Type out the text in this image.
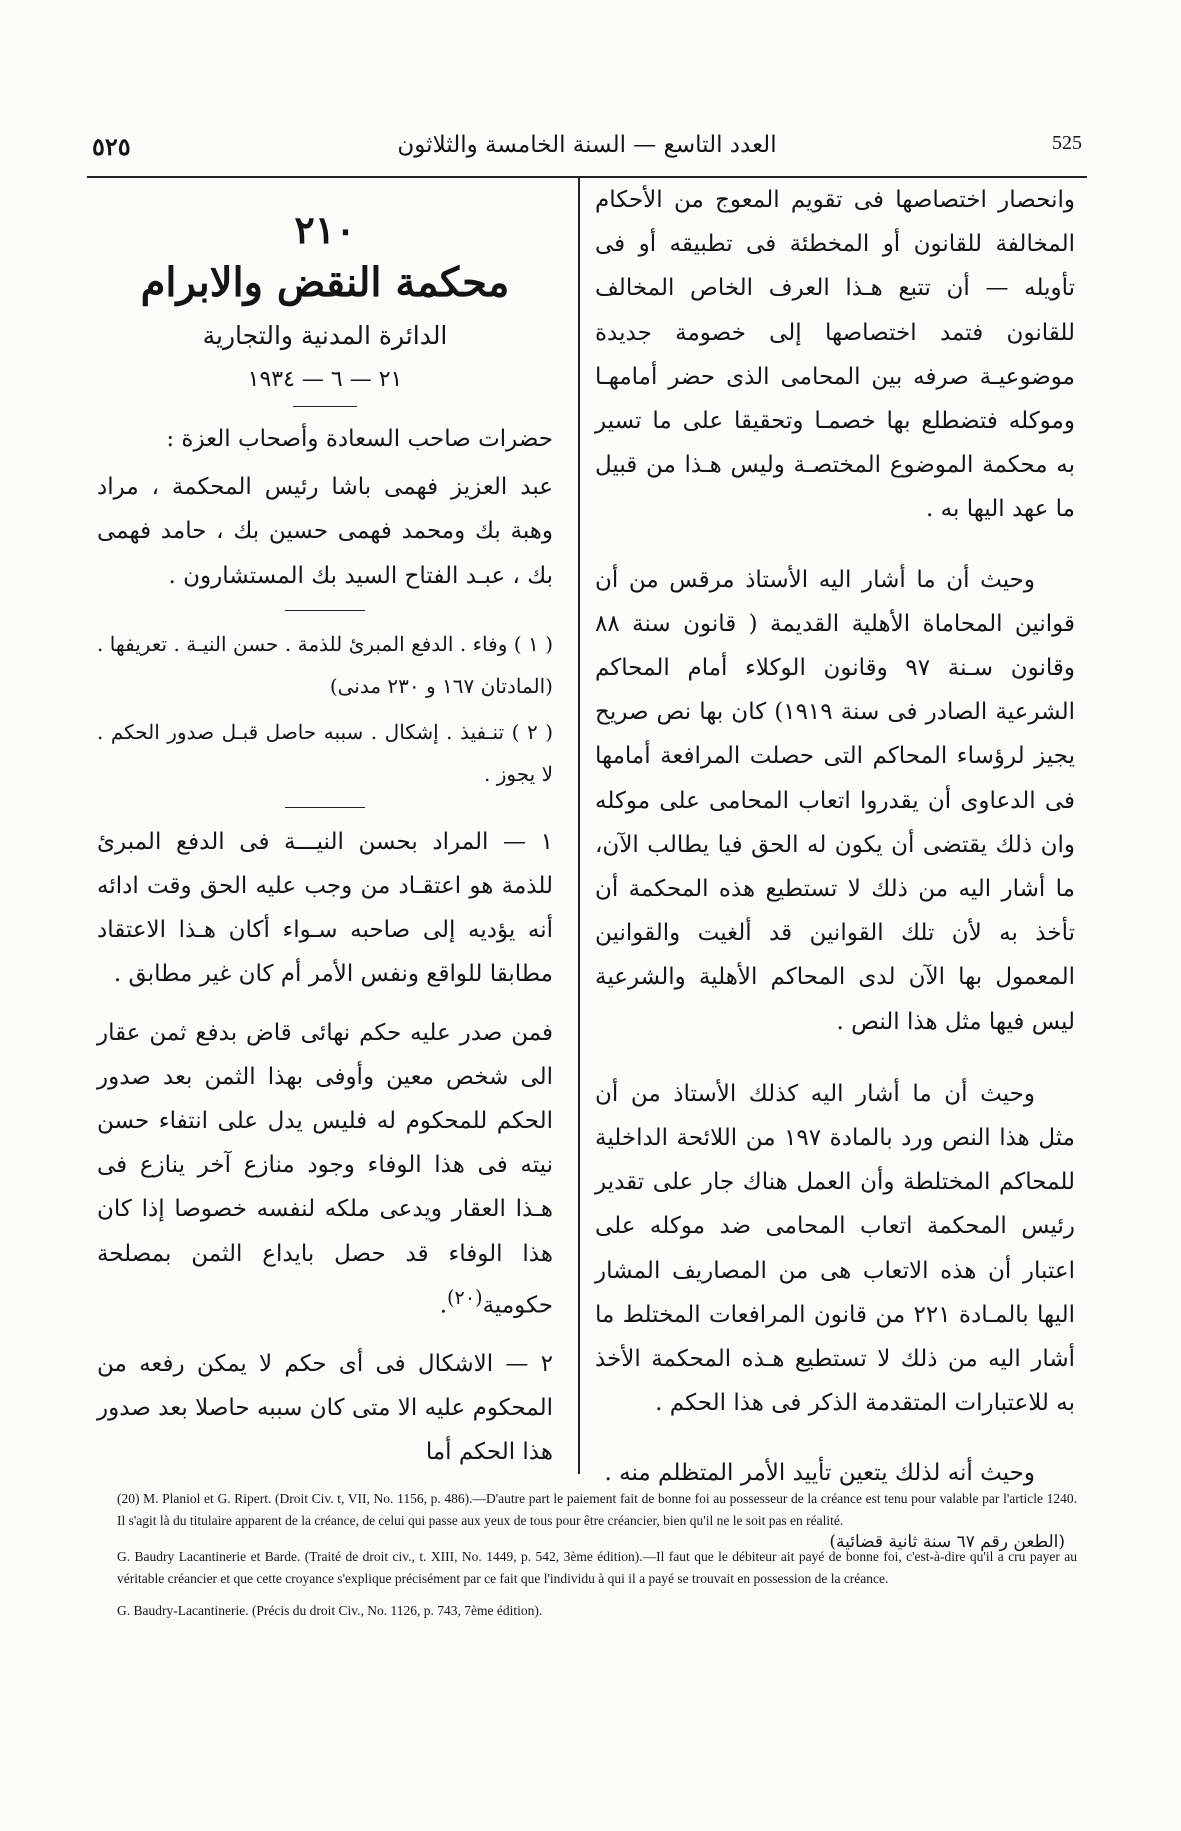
٥٢٥	العدد التاسع — السنة الخامسة والثلاثون	525

وانحصار اختصاصها فى تقويم المعوج من الأحكام المخالفة للقانون أو المخطئة فى تطبيقه أو فى تأويله — أن تتبع هـذا العرف الخاص المخالف للقانون فتمد اختصاصها إلى خصومة جديدة موضوعيـة صرفه بين المحامى الذى حضر أمامهـا وموكله فتضطلع بها خصمـا وتحقيقا على ما تسير به محكمة الموضوع المختصـة وليس هـذا من قبيل ما عهد اليها به .

وحيث أن ما أشار اليه الأستاذ مرقس من أن قوانين المحاماة الأهلية القديمة ( قانون سنة ٨٨ وقانون سـنة ٩٧ وقانون الوكلاء أمام المحاكم الشرعية الصادر فى سنة ١٩١٩) كان بها نص صريح يجيز لرؤساء المحاكم التى حصلت المرافعة أمامها فى الدعاوى أن يقدروا اتعاب المحامى على موكله وان ذلك يقتضى أن يكون له الحق فيا يطالب الآن، ما أشار اليه من ذلك لا تستطيع هذه المحكمة أن تأخذ به لأن تلك القوانين قد ألغيت والقوانين المعمول بها الآن لدى المحاكم الأهلية والشرعية ليس فيها مثل هذا النص .

وحيث أن ما أشار اليه كذلك الأستاذ من أن مثل هذا النص ورد بالمادة ١٩٧ من اللائحة الداخلية للمحاكم المختلطة وأن العمل هناك جار على تقدير رئيس المحكمة اتعاب المحامى ضد موكله على اعتبار أن هذه الاتعاب هى من المصاريف المشار اليها بالمـادة ٢٢١ من قانون المرافعات المختلط ما أشار اليه من ذلك لا تستطيع هـذه المحكمة الأخذ به للاعتبارات المتقدمة الذكر فى هذا الحكم .

وحيث أنه لذلك يتعين تأييد الأمر المتظلم منه .

(الطعن رقم ٦٧ سنة ثانية قضائية)

٢١٠
محكمة النقض والابرام
الدائرة المدنية والتجارية
٢١ — ٦ — ١٩٣٤

حضرات صاحب السعادة وأصحاب العزة :

عبد العزيز فهمى باشا رئيس المحكمة ، مراد وهبة بك ومحمد فهمى حسين بك ، حامد فهمى بك ، عبـد الفتاح السيد بك المستشارون .

( ١ ) وفاء . الدفع المبرئ للذمة . حسن النيـة . تعريفها . (المادتان ١٦٧ و ٢٣٠ مدنى)

( ٢ ) تنـفيذ . إشكال . سببه حاصل قبـل صدور الحكم . لا يجوز .

١ — المراد بحسن النيـــة فى الدفع المبرئ للذمة هو اعتقـاد من وجب عليه الحق وقت ادائه أنه يؤديه إلى صاحبه سـواء أكان هـذا الاعتقاد مطابقا للواقع ونفس الأمر أم كان غير مطابق .

فمن صدر عليه حكم نهائى قاض بدفع ثمن عقار الى شخص معين وأوفى بهذا الثمن بعد صدور الحكم للمحكوم له فليس يدل على انتفاء حسن نيته فى هذا الوفاء وجود منازع آخر ينازع فى هـذا العقار ويدعى ملكه لنفسه خصوصا إذا كان هذا الوفاء قد حصل بايداع الثمن بمصلحة حكومية$^{(٢٠)}$.

٢ — الاشكال فى أى حكم لا يمكن رفعه من المحكوم عليه الا متى كان سببه حاصلا بعد صدور هذا الحكم أما

(20) M. Planiol et G. Ripert. (Droit Civ. t, VII, No. 1156, p. 486).—D'autre part le paiement fait de bonne foi au possesseur de la créance est tenu pour valable par l'article 1240. Il s'agit là du titulaire apparent de la créance, de celui qui passe aux yeux de tous pour être créancier, bien qu'il ne le soit pas en réalité.

G. Baudry Lacantinerie et Barde. (Traité de droit civ., t. XIII, No. 1449, p. 542, 3ème édition).—Il faut que le débiteur ait payé de bonne foi, c'est-à-dire qu'il a cru payer au véritable créancier et que cette croyance s'explique précisément par ce fait que l'individu à qui il a payé se trouvait en possession de la créance.

G. Baudry-Lacantinerie. (Précis du droit Civ., No. 1126, p. 743, 7ème édition).
